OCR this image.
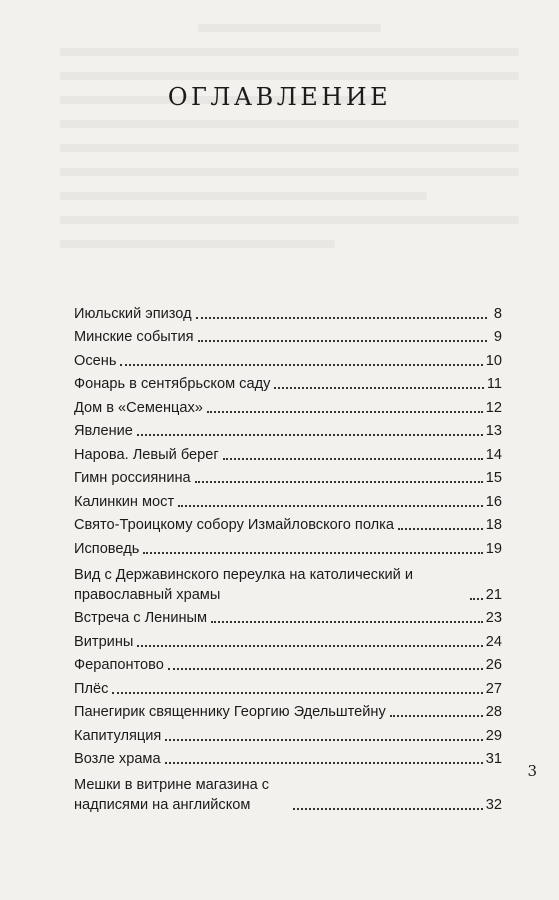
ОГЛАВЛЕНИЕ
Июльский эпизод	8
Минские события	9
Осень	10
Фонарь в сентябрьском саду	11
Дом в «Семенцах»	12
Явление	13
Нарова. Левый берег	14
Гимн россиянина	15
Калинкин мост	16
Свято-Троицкому собору Измайловского полка	18
Исповедь	19
Вид с Державинского переулка на католический и православный храмы	21
Встреча с Лениным	23
Витрины	24
Ферапонтово	26
Плёс	27
Панегирик священнику Георгию Эдельштейну	28
Капитуляция	29
Возле храма	31
Мешки в витрине магазина с надписями на английском	32
3
